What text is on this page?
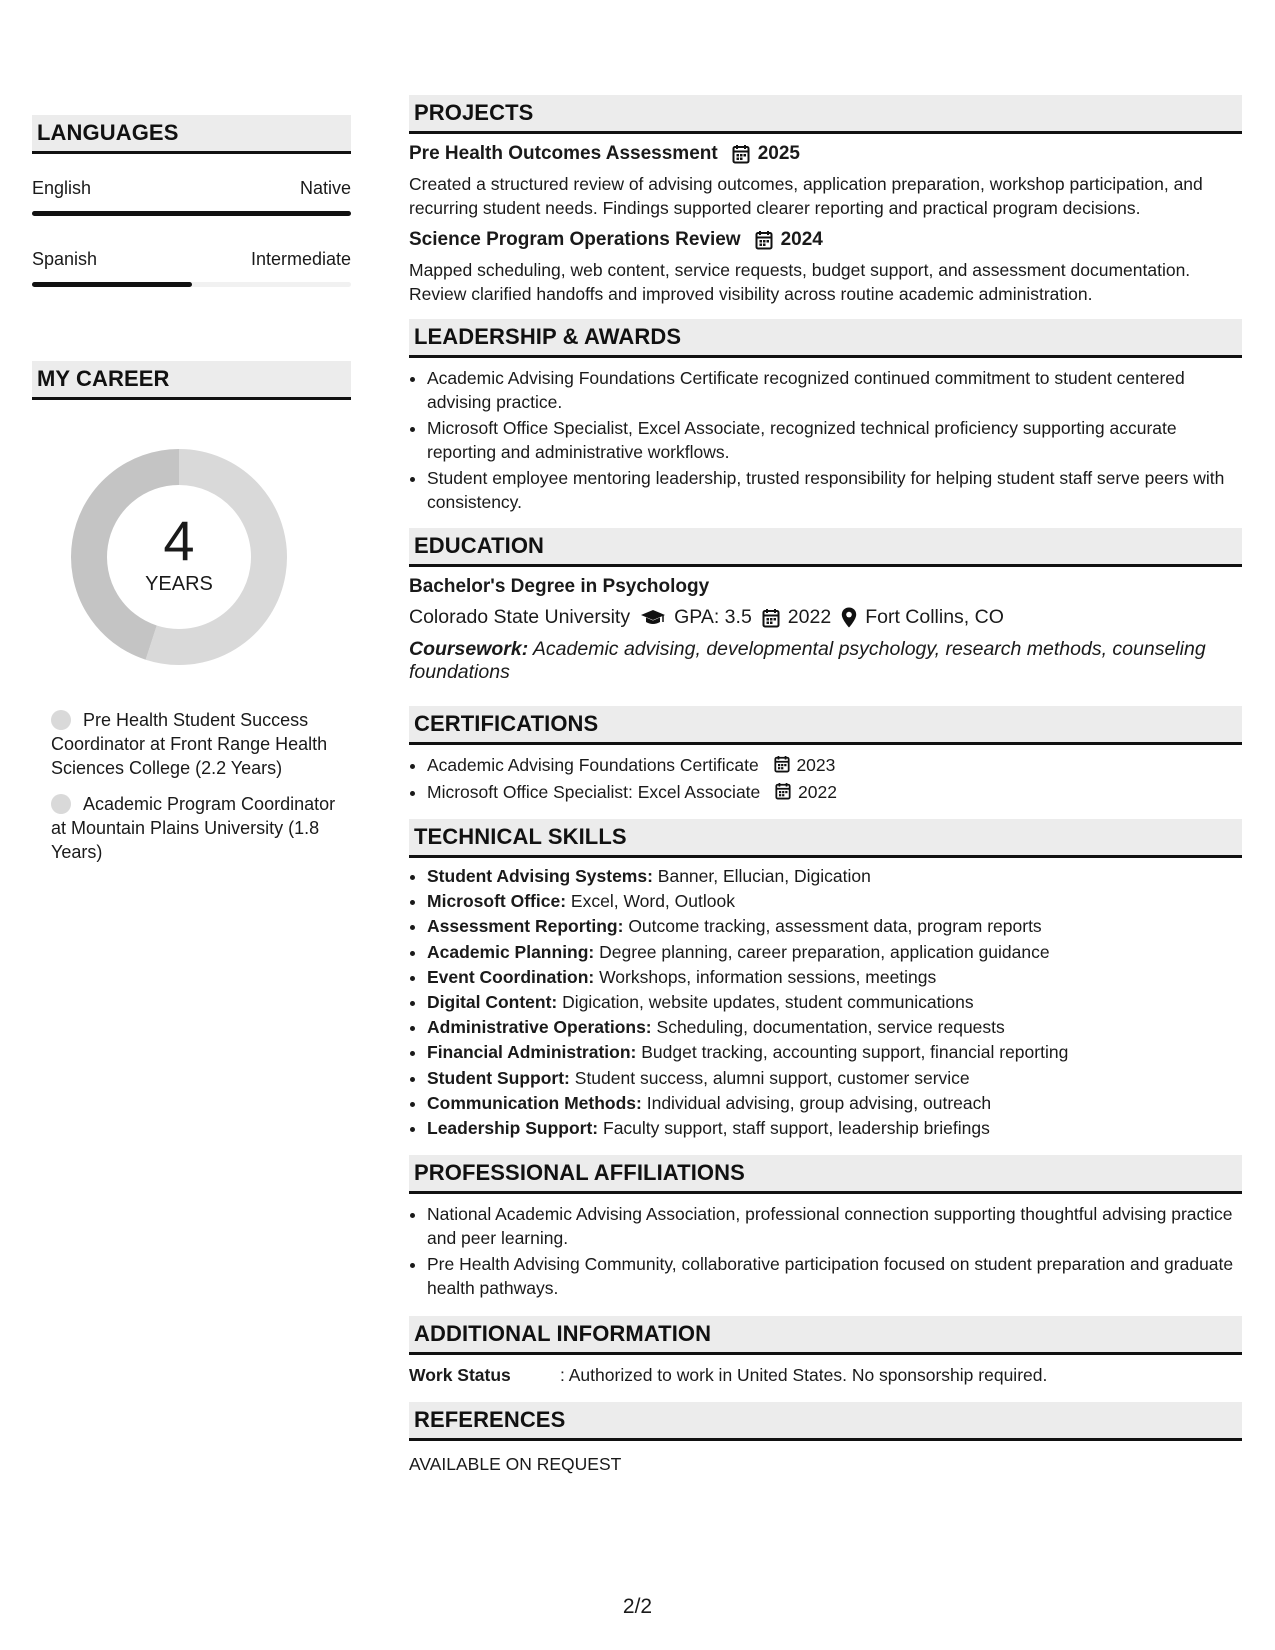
LANGUAGES
English	Native
Spanish	Intermediate
MY CAREER
4
YEARS
Pre Health Student Success Coordinator at Front Range Health Sciences College (2.2 Years)
Academic Program Coordinator at Mountain Plains University (1.8 Years)
PROJECTS
Pre Health Outcomes Assessment 2025
Created a structured review of advising outcomes, application preparation, workshop participation, and recurring student needs. Findings supported clearer reporting and practical program decisions.
Science Program Operations Review 2024
Mapped scheduling, web content, service requests, budget support, and assessment documentation. Review clarified handoffs and improved visibility across routine academic administration.
LEADERSHIP & AWARDS
• Academic Advising Foundations Certificate recognized continued commitment to student centered advising practice.
• Microsoft Office Specialist, Excel Associate, recognized technical proficiency supporting accurate reporting and administrative workflows.
• Student employee mentoring leadership, trusted responsibility for helping student staff serve peers with consistency.
EDUCATION
Bachelor's Degree in Psychology
Colorado State University GPA: 3.5 2022 Fort Collins, CO
Coursework: Academic advising, developmental psychology, research methods, counseling foundations
CERTIFICATIONS
• Academic Advising Foundations Certificate 2023
• Microsoft Office Specialist: Excel Associate 2022
TECHNICAL SKILLS
• Student Advising Systems: Banner, Ellucian, Digication
• Microsoft Office: Excel, Word, Outlook
• Assessment Reporting: Outcome tracking, assessment data, program reports
• Academic Planning: Degree planning, career preparation, application guidance
• Event Coordination: Workshops, information sessions, meetings
• Digital Content: Digication, website updates, student communications
• Administrative Operations: Scheduling, documentation, service requests
• Financial Administration: Budget tracking, accounting support, financial reporting
• Student Support: Student success, alumni support, customer service
• Communication Methods: Individual advising, group advising, outreach
• Leadership Support: Faculty support, staff support, leadership briefings
PROFESSIONAL AFFILIATIONS
• National Academic Advising Association, professional connection supporting thoughtful advising practice and peer learning.
• Pre Health Advising Community, collaborative participation focused on student preparation and graduate health pathways.
ADDITIONAL INFORMATION
Work Status	: Authorized to work in United States. No sponsorship required.
REFERENCES
AVAILABLE ON REQUEST
2/2
